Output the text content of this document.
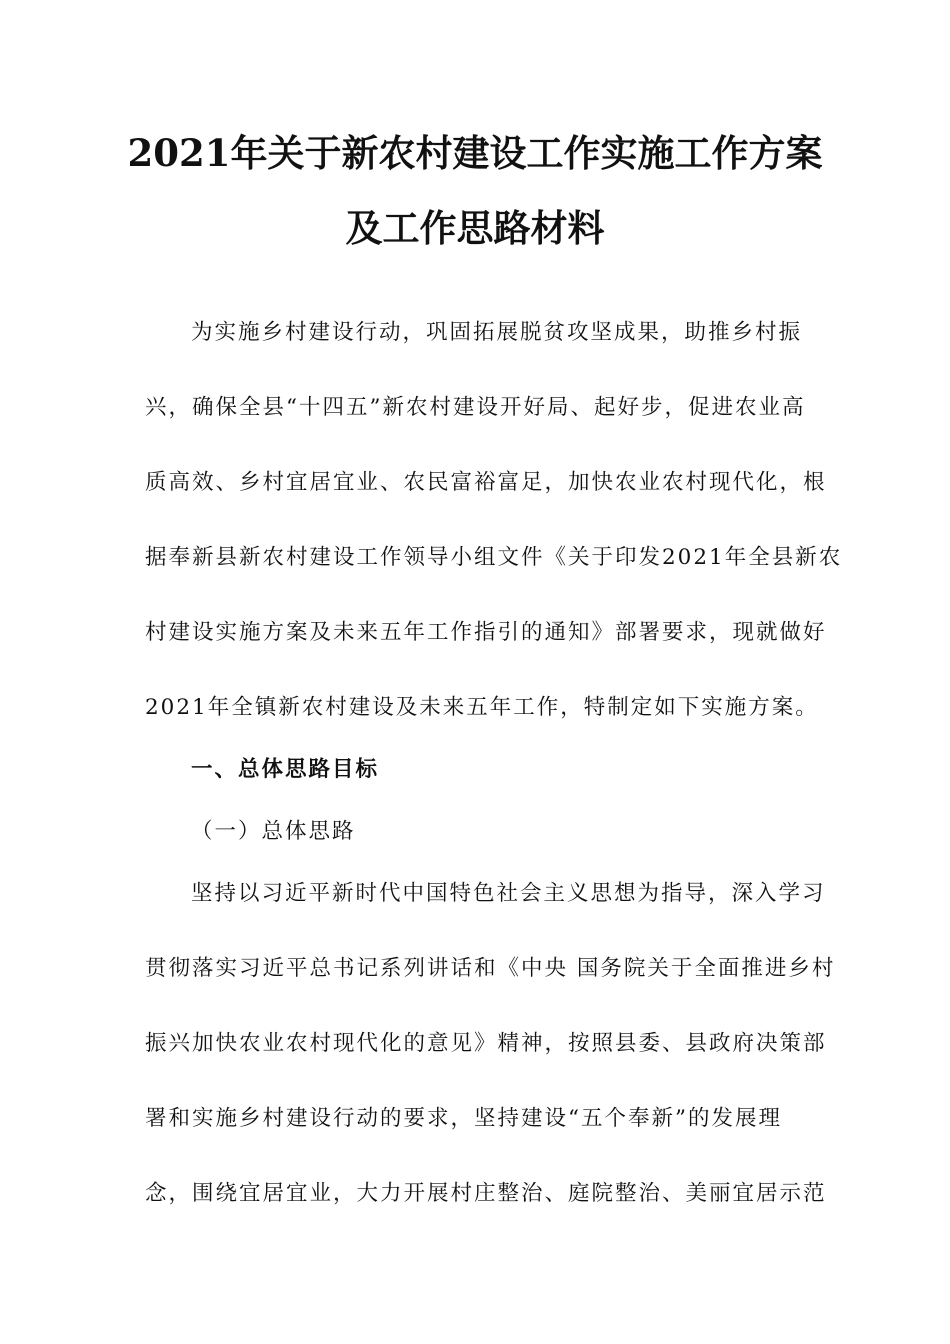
2021年关于新农村建设工作实施工作方案
及工作思路材料
为实施乡村建设行动，巩固拓展脱贫攻坚成果，助推乡村振
兴，确保全县“十四五”新农村建设开好局、起好步，促进农业高
质高效、乡村宜居宜业、农民富裕富足，加快农业农村现代化，根
据奉新县新农村建设工作领导小组文件《关于印发2021年全县新农
村建设实施方案及未来五年工作指引的通知》部署要求，现就做好
2021年全镇新农村建设及未来五年工作，特制定如下实施方案。
一、总体思路目标
（一）总体思路
坚持以习近平新时代中国特色社会主义思想为指导，深入学习
贯彻落实习近平总书记系列讲话和《中央 国务院关于全面推进乡村
振兴加快农业农村现代化的意见》精神，按照县委、县政府决策部
署和实施乡村建设行动的要求，坚持建设“五个奉新”的发展理
念，围绕宜居宜业，大力开展村庄整治、庭院整治、美丽宜居示范
